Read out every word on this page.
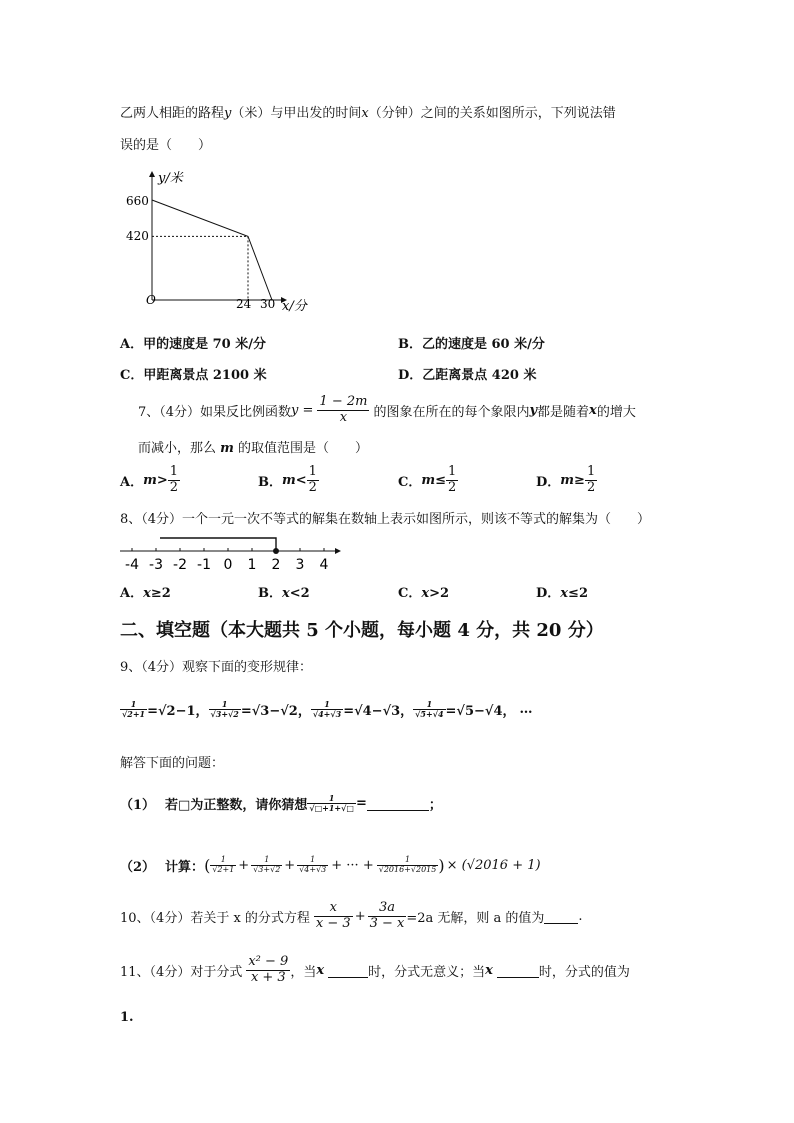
乙两人相距的路程y（米）与甲出发的时间x（分钟）之间的关系如图所示，下列说法错
误的是（　　）
y/米
x/分
O
660
420
24 30
A．甲的速度是 70 米/分	B．乙的速度是 60 米/分
C．甲距离景点 2100 米	D．乙距离景点 420 米
7、（4分）如果反比例函数 $y = \frac{1 - 2m}{x}$ 的图象在所在的每个象限内 y 都是随着 x 的增大
而减小，那么 m 的取值范围是（　　）
A． $m > \frac{1}{2}$	B． $m < \frac{1}{2}$	C． $m \le \frac{1}{2}$	D． $m \ge \frac{1}{2}$
8、（4分）一个一元一次不等式的解集在数轴上表示如图所示，则该不等式的解集为（　　）
-4 -3 -2 -1 0 1 2 3 4
A．x≥2	B．x<2	C．x>2	D．x≤2
二、填空题（本大题共 5 个小题，每小题 4 分，共 20 分）
9、（4分）观察下面的变形规律：
$\frac{1}{√2+1} =√2-1$， $\frac{1}{√3+√2} =√3-√2$， $\frac{1}{√4+√3} =√4-√3$， $\frac{1}{√5+√4} =√5-√4$， …
解答下面的问题：
（1） 若□为正整数，请你猜想 $\frac{1}{√□+1+√□}$ =	；
（2） 计算： ( $\frac{1}{√2+1} + \frac{1}{√3+√2} + \frac{1}{√4+√3}$ + ··· + $\frac{1}{√2016+√2015}$ ) × (√2016 + 1)
10、（4分）若关于 x 的分式方程 $\frac{x}{x - 3} + \frac{3a}{3 - x} =2a$ 无解，则 a 的值为	.
11、（4分）对于分式 $\frac{\text{x² − 9}}{x + 3}$ ，当 x	时，分式无意义；当 x	时，分式的值为
1.
